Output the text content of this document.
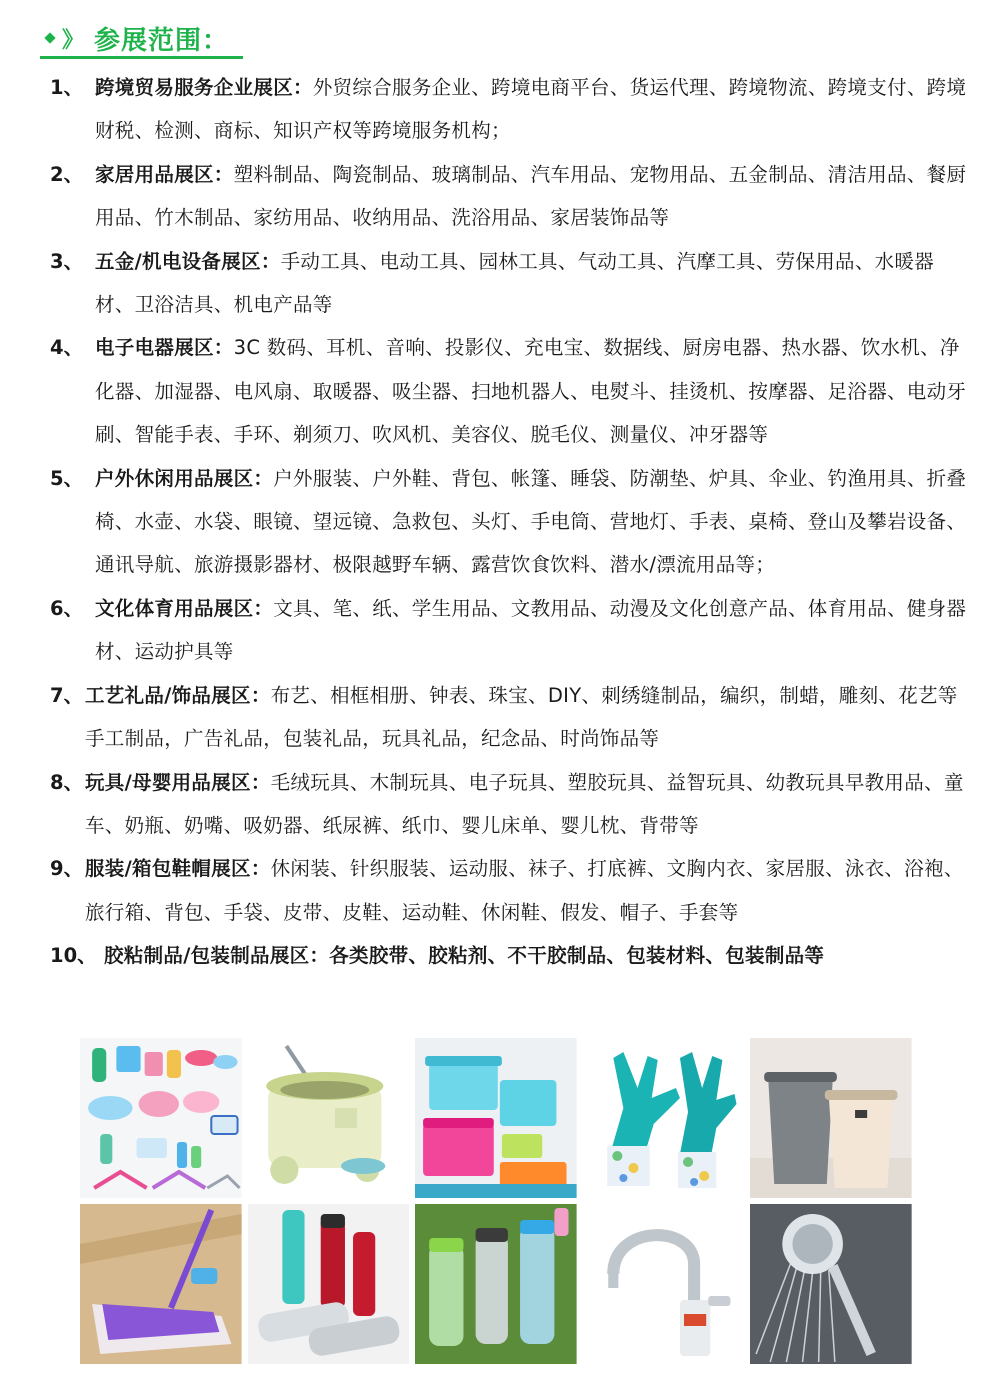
》 参展范围：
1、 跨境贸易服务企业展区：外贸综合服务企业、跨境电商平台、货运代理、跨境物流、跨境支付、跨境财税、检测、商标、知识产权等跨境服务机构；
2、 家居用品展区：塑料制品、陶瓷制品、玻璃制品、汽车用品、宠物用品、五金制品、清洁用品、餐厨用品、竹木制品、家纺用品、收纳用品、洗浴用品、家居装饰品等
3、 五金/机电设备展区：手动工具、电动工具、园林工具、气动工具、汽摩工具、劳保用品、水暖器材、卫浴洁具、机电产品等
4、 电子电器展区：3C 数码、耳机、音响、投影仪、充电宝、数据线、厨房电器、热水器、饮水机、净化器、加湿器、电风扇、取暖器、吸尘器、扫地机器人、电熨斗、挂烫机、按摩器、足浴器、电动牙刷、智能手表、手环、剃须刀、吹风机、美容仪、脱毛仪、测量仪、冲牙器等
5、 户外休闲用品展区：户外服装、户外鞋、背包、帐篷、睡袋、防潮垫、炉具、伞业、钓渔用具、折叠椅、水壶、水袋、眼镜、望远镜、急救包、头灯、手电筒、营地灯、手表、桌椅、登山及攀岩设备、通讯导航、旅游摄影器材、极限越野车辆、露营饮食饮料、潜水/漂流用品等；
6、 文化体育用品展区：文具、笔、纸、学生用品、文教用品、动漫及文化创意产品、体育用品、健身器材、运动护具等
7、 工艺礼品/饰品展区：布艺、相框相册、钟表、珠宝、DIY、刺绣缝制品，编织，制蜡，雕刻、花艺等手工制品，广告礼品，包装礼品，玩具礼品，纪念品、时尚饰品等
8、 玩具/母婴用品展区：毛绒玩具、木制玩具、电子玩具、塑胶玩具、益智玩具、幼教玩具早教用品、童车、奶瓶、奶嘴、吸奶器、纸尿裤、纸巾、婴儿床单、婴儿枕、背带等
9、 服装/箱包鞋帽展区：休闲装、针织服装、运动服、袜子、打底裤、文胸内衣、家居服、泳衣、浴袍、旅行箱、背包、手袋、皮带、皮鞋、运动鞋、休闲鞋、假发、帽子、手套等
10、 胶粘制品/包装制品展区：各类胶带、胶粘剂、不干胶制品、包装材料、包装制品等
